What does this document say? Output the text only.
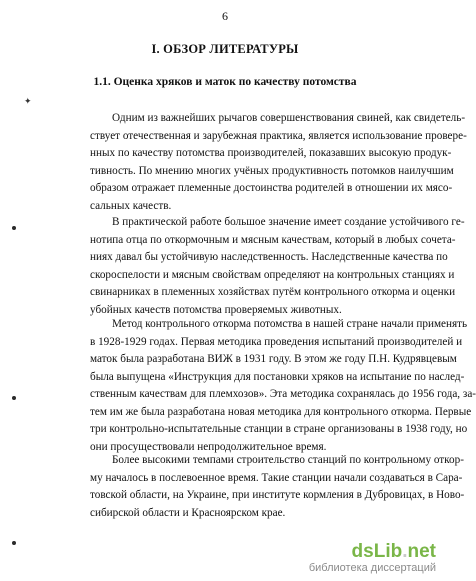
6
I. ОБЗОР ЛИТЕРАТУРЫ
1.1. Оценка хряков и маток по качеству потомства
✦
Одним из важнейших рычагов совершенствования свиней, как свидетель-
ствует отечественная и зарубежная практика, является использование провере-
нных по качеству потомства производителей, показавших высокую продук-
тивность. По мнению многих учёных продуктивность потомков наилучшим
образом отражает племенные достоинства родителей в отношении их мясо-
сальных качеств.
В практической работе большое значение имеет создание устойчивого ге-
нотипа отца по откормочным и мясным качествам, который в любых сочета-
ниях давал бы устойчивую наследственность. Наследственные качества по
скороспелости и мясным свойствам определяют на контрольных станциях и
свинарниках в племенных хозяйствах путём контрольного откорма и оценки
убойных качеств потомства проверяемых животных.
Метод контрольного откорма потомства в нашей стране начали применять
в 1928-1929 годах. Первая методика проведения испытаний производителей и
маток была разработана ВИЖ в 1931 году. В этом же году П.Н. Кудрявцевым
была выпущена «Инструкция для постановки хряков на испытание по наслед-
ственным качествам для племхозов». Эта методика сохранялась до 1956 года, за-
тем им же была разработана новая методика для контрольного откорма. Первые
три контрольно-испытательные станции в стране организованы в 1938 году, но
они просуществовали непродолжительное время.
Более высокими темпами строительство станций по контрольному откор-
му началось в послевоенное время. Такие станции начали создаваться в Сара-
товской области, на Украине, при институте кормления в Дубровицах, в Ново-
сибирской области и Красноярском крае.
dsLib.net
библиотека диссертаций
